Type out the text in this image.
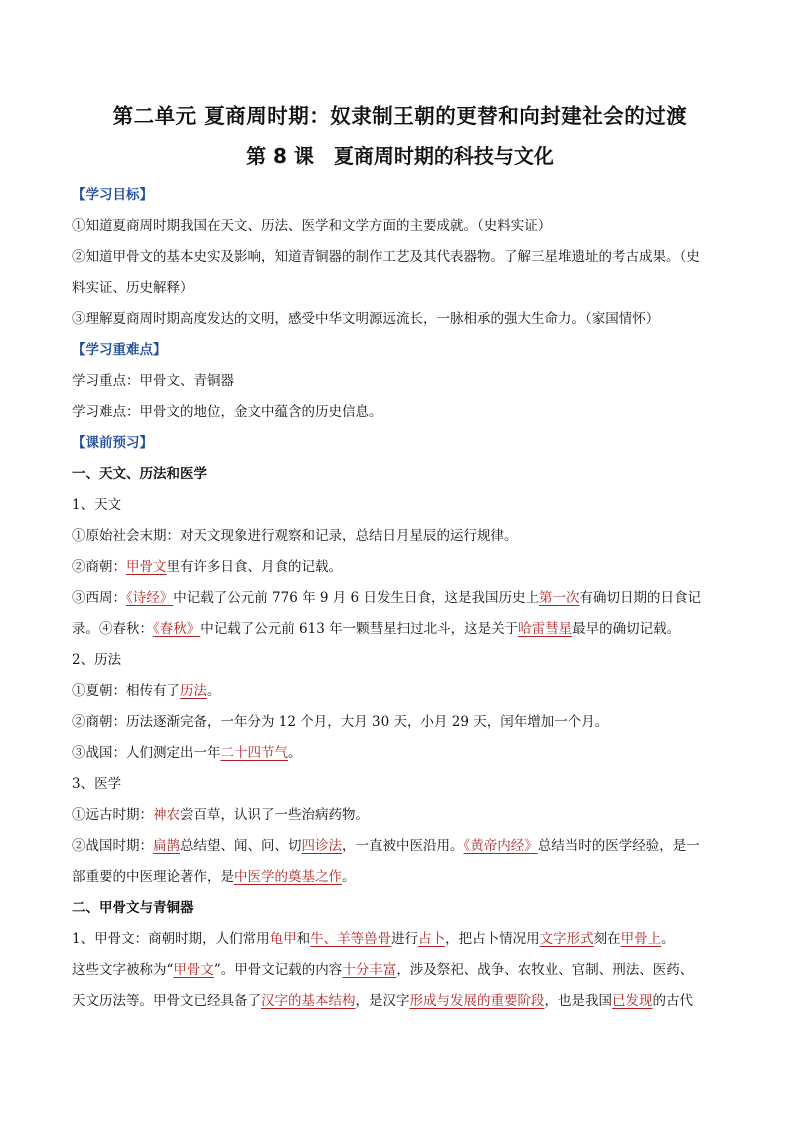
第二单元 夏商周时期：奴隶制王朝的更替和向封建社会的过渡
第 8 课　夏商周时期的科技与文化
【学习目标】
①知道夏商周时期我国在天文、历法、医学和文学方面的主要成就。（史料实证）
②知道甲骨文的基本史实及影响，知道青铜器的制作工艺及其代表器物。了解三星堆遗址的考古成果。（史
料实证、历史解释）
③理解夏商周时期高度发达的文明，感受中华文明源远流长，一脉相承的强大生命力。（家国情怀）
【学习重难点】
学习重点：甲骨文、青铜器
学习难点：甲骨文的地位，金文中蕴含的历史信息。
【课前预习】
一、天文、历法和医学
1、天文
①原始社会末期：对天文现象进行观察和记录，总结日月星辰的运行规律。
②商朝：甲骨文里有许多日食、月食的记载。
③西周：《诗经》中记载了公元前 776 年 9 月 6 日发生日食，这是我国历史上第一次有确切日期的日食记
录。④春秋：《春秋》中记载了公元前 613 年一颗彗星扫过北斗，这是关于哈雷彗星最早的确切记载。
2、历法
①夏朝：相传有了历法。
②商朝：历法逐渐完备，一年分为 12 个月，大月 30 天，小月 29 天，闰年增加一个月。
③战国：人们测定出一年二十四节气。
3、医学
①远古时期：神农尝百草，认识了一些治病药物。
②战国时期：扁鹊总结望、闻、问、切四诊法，一直被中医沿用。《黄帝内经》总结当时的医学经验，是一
部重要的中医理论著作，是中医学的奠基之作。
二、甲骨文与青铜器
1、甲骨文：商朝时期，人们常用龟甲和牛、羊等兽骨进行占卜，把占卜情况用文字形式刻在甲骨上。
这些文字被称为“甲骨文”。甲骨文记载的内容十分丰富，涉及祭祀、战争、农牧业、官制、刑法、医药、
天文历法等。甲骨文已经具备了汉字的基本结构，是汉字形成与发展的重要阶段，也是我国已发现的古代
